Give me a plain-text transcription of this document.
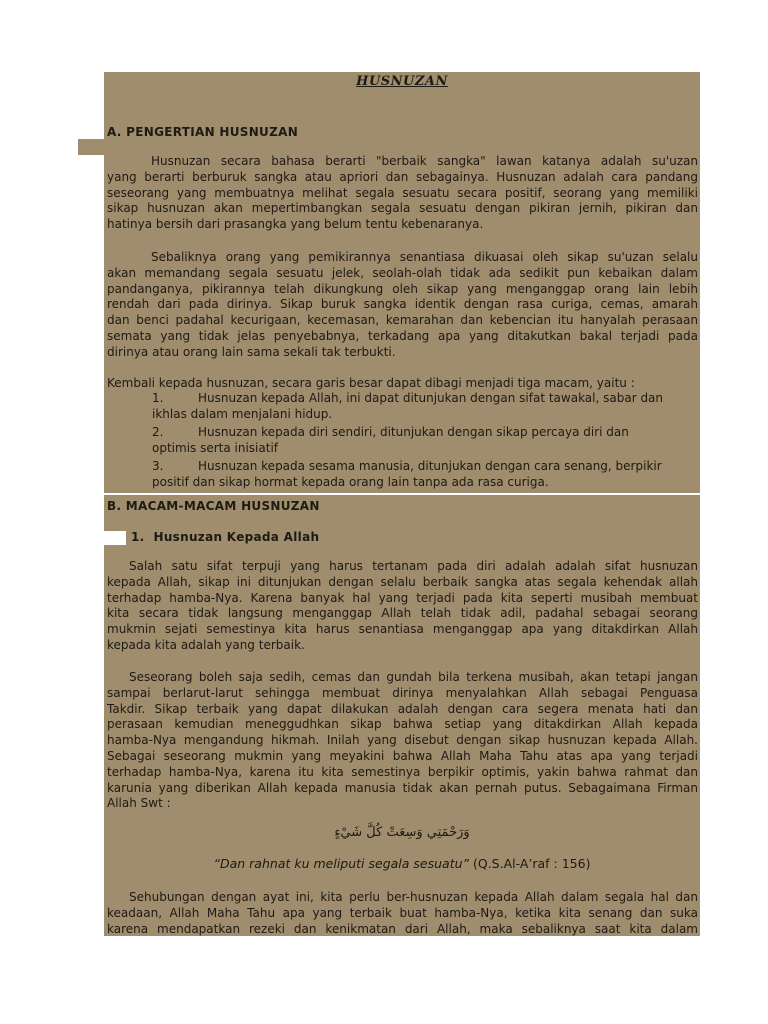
HUSNUZAN
A. PENGERTIAN HUSNUZAN
Husnuzan secara bahasa berarti "berbaik sangka" lawan katanya adalah su'uzan
yang berarti berburuk sangka atau apriori dan sebagainya. Husnuzan adalah cara pandang
seseorang yang membuatnya melihat segala sesuatu secara positif, seorang yang memiliki
sikap husnuzan akan mepertimbangkan segala sesuatu dengan pikiran jernih, pikiran dan
hatinya bersih dari prasangka yang belum tentu kebenaranya.
Sebaliknya orang yang pemikirannya senantiasa dikuasai oleh sikap su'uzan selalu
akan memandang segala sesuatu jelek, seolah-olah tidak ada sedikit pun kebaikan dalam
pandanganya, pikirannya telah dikungkung oleh sikap yang menganggap orang lain lebih
rendah dari pada dirinya. Sikap buruk sangka identik dengan rasa curiga, cemas, amarah
dan benci padahal kecurigaan, kecemasan, kemarahan dan kebencian itu hanyalah perasaan
semata yang tidak jelas penyebabnya, terkadang apa yang ditakutkan bakal terjadi pada
dirinya atau orang lain sama sekali tak terbukti.
Kembali kepada husnuzan, secara garis besar dapat dibagi menjadi tiga macam, yaitu :
1.	Husnuzan kepada Allah, ini dapat ditunjukan dengan sifat tawakal, sabar dan
ikhlas dalam menjalani hidup.
2.	Husnuzan kepada diri sendiri, ditunjukan dengan sikap percaya diri dan
optimis serta inisiatif
3.	Husnuzan kepada sesama manusia, ditunjukan dengan cara senang, berpikir
positif dan sikap hormat kepada orang lain tanpa ada rasa curiga.
B. MACAM-MACAM HUSNUZAN
1. Husnuzan Kepada Allah
Salah satu sifat terpuji yang harus tertanam pada diri adalah adalah sifat husnuzan
kepada Allah, sikap ini ditunjukan dengan selalu berbaik sangka atas segala kehendak allah
terhadap hamba-Nya. Karena banyak hal yang terjadi pada kita seperti musibah membuat
kita secara tidak langsung menganggap Allah telah tidak adil, padahal sebagai seorang
mukmin sejati semestinya kita harus senantiasa menganggap apa yang ditakdirkan Allah
kepada kita adalah yang terbaik.
Seseorang boleh saja sedih, cemas dan gundah bila terkena musibah, akan tetapi jangan
sampai berlarut-larut sehingga membuat dirinya menyalahkan Allah sebagai Penguasa
Takdir. Sikap terbaik yang dapat dilakukan adalah dengan cara segera menata hati dan
perasaan kemudian meneggudhkan sikap bahwa setiap yang ditakdirkan Allah kepada
hamba-Nya mengandung hikmah. Inilah yang disebut dengan sikap husnuzan kepada Allah.
Sebagai seseorang mukmin yang meyakini bahwa Allah Maha Tahu atas apa yang terjadi
terhadap hamba-Nya, karena itu kita semestinya berpikir optimis, yakin bahwa rahmat dan
karunia yang diberikan Allah kepada manusia tidak akan pernah putus. Sebagaimana Firman
Allah Swt :
وَرَحْمَتِي وَسِعَتْ كُلَّ شَيْءٍ
“Dan rahnat ku meliputi segala sesuatu” (Q.S.Al-A’raf : 156)
Sehubungan dengan ayat ini, kita perlu ber-husnuzan kepada Allah dalam segala hal dan
keadaan, Allah Maha Tahu apa yang terbaik buat hamba-Nya, ketika kita senang dan suka
karena mendapatkan rezeki dan kenikmatan dari Allah, maka sebaliknya saat kita dalam
